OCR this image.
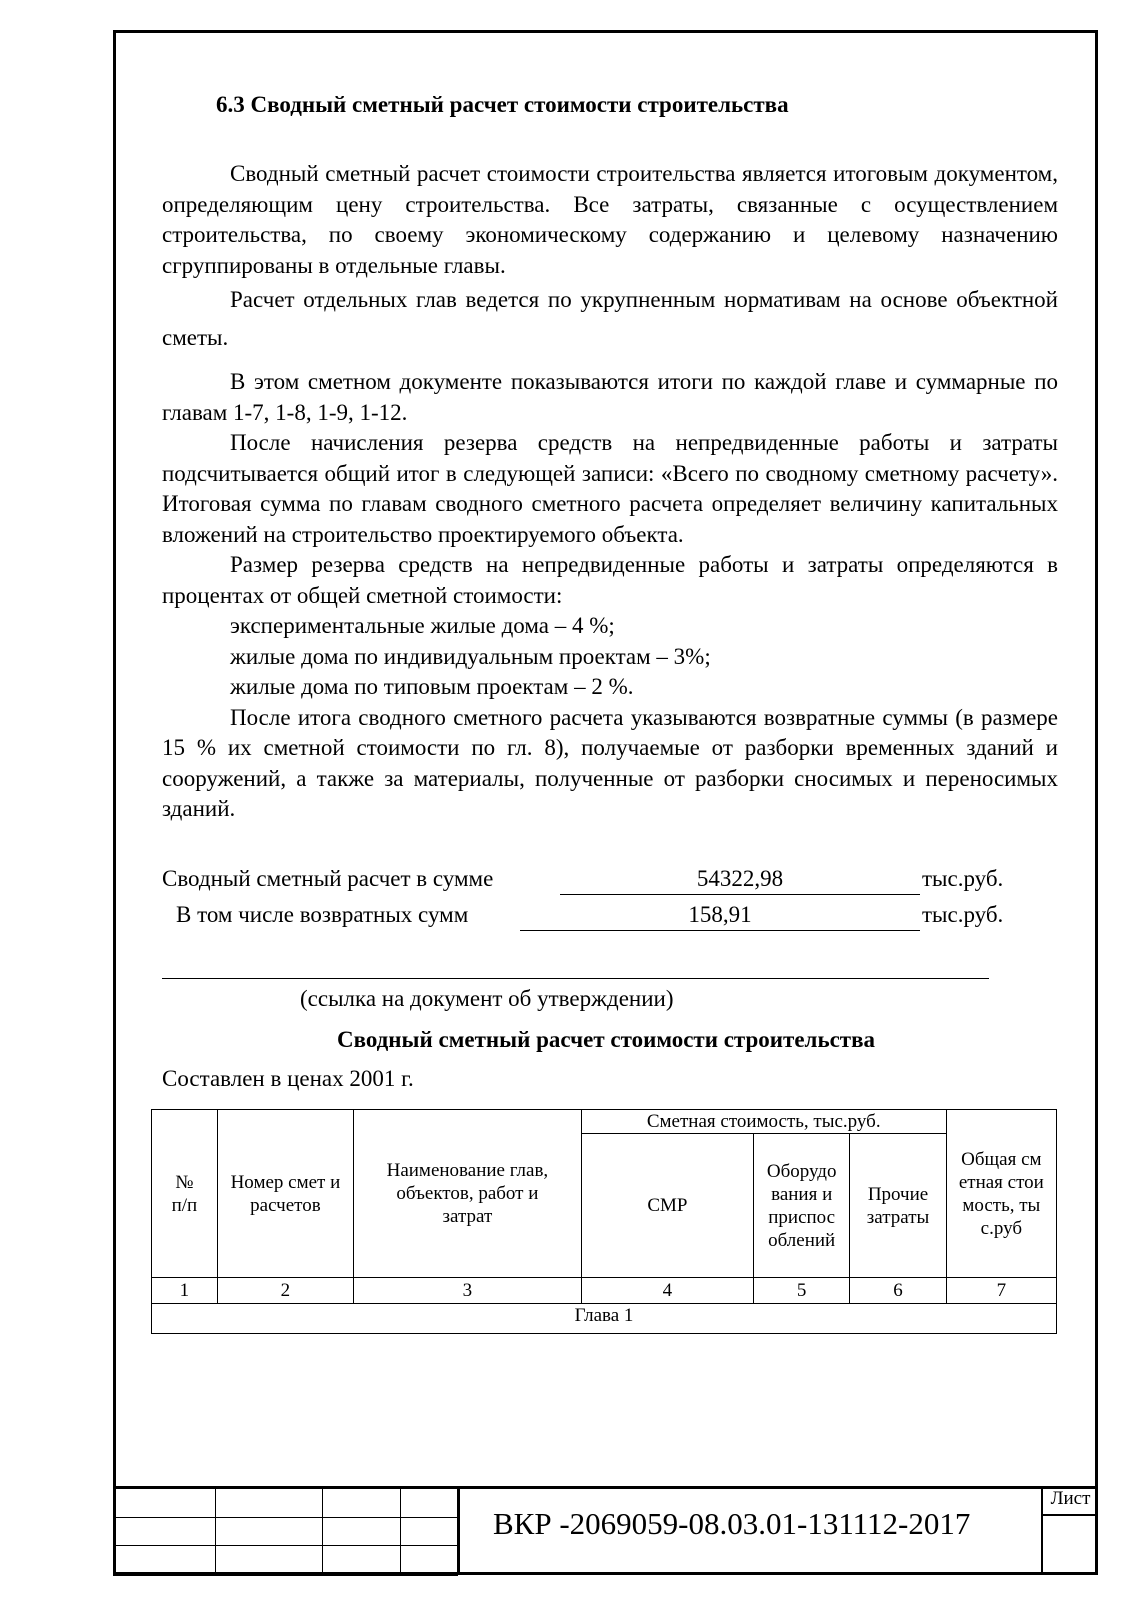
6.3 Сводный сметный расчет стоимости строительства

Сводный сметный расчет стоимости строительства является итоговым документом, определяющим цену строительства. Все затраты, связанные с осуществлением строительства, по своему экономическому содержанию и целевому назначению сгруппированы в отдельные главы.

Расчет отдельных глав ведется по укрупненным нормативам на основе объектной сметы.

В этом сметном документе показываются итоги по каждой главе и суммарные по главам 1-7, 1-8, 1-9, 1-12.

После начисления резерва средств на непредвиденные работы и затраты подсчитывается общий итог в следующей записи: «Всего по сводному сметному расчету». Итоговая сумма по главам сводного сметного расчета определяет величину капитальных вложений на строительство проектируемого объекта.

Размер резерва средств на непредвиденные работы и затраты определяются в процентах от общей сметной стоимости:

экспериментальные жилые дома – 4 %;

жилые дома по индивидуальным проектам – 3%;

жилые дома по типовым проектам – 2 %.

После итога сводного сметного расчета указываются возвратные суммы (в размере 15 % их сметной стоимости по гл. 8), получаемые от разборки временных зданий и сооружений, а также за материалы, полученные от разборки сносимых и переносимых зданий.

Сводный сметный расчет в сумме	54322,98	тыс.руб.
В том числе возвратных сумм	158,91	тыс.руб.
(ссылка на документ об утверждении)
Сводный сметный расчет стоимости строительства
Составлен в ценах 2001 г.
№ п/п	Номер смет и расчетов	Наименование глав, объектов, работ и затрат	Сметная стоимость, тыс.руб.			Общая сметная стоимость, тыс.руб
			СМР	Оборудования и приспособлений	Прочие затраты	
1	2	3	4	5	6	7
Глава 1						

ВКР -2069059-08.03.01-131112-2017
Лист
